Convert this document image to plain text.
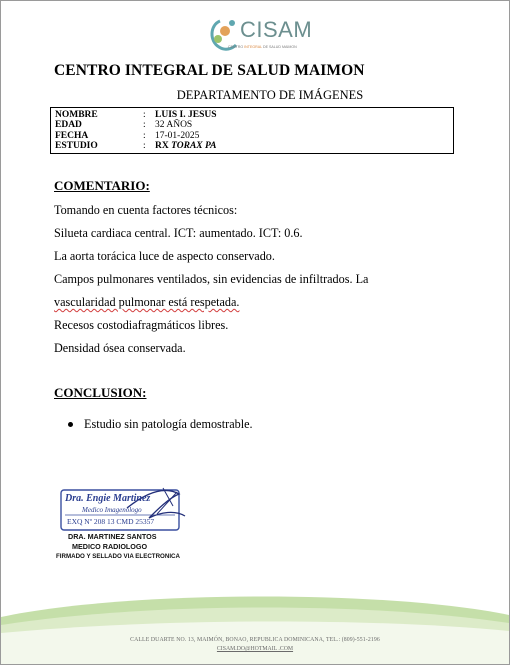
CISAM
CENTRO INTEGRAL DE SALUD MAIMON
CENTRO INTEGRAL DE SALUD MAIMON
DEPARTAMENTO DE IMÁGENES
NOMBRE	: LUIS I. JESUS
EDAD	: 32 AÑOS
FECHA	: 17-01-2025
ESTUDIO	: RX TORAX PA
COMENTARIO:
Tomando en cuenta factores técnicos:
Silueta cardiaca central. ICT: aumentado. ICT: 0.6.
La aorta torácica luce de aspecto conservado.
Campos pulmonares ventilados, sin evidencias de infiltrados. La
vascularidad pulmonar está respetada.
Recesos costodiafragmáticos libres.
Densidad ósea conservada.
CONCLUSION:
Estudio sin patología demostrable.
Dra. Engie Martinez
Medico Imagenologo
EXQ Nº 208 13 CMD 25357
DRA. MARTINEZ SANTOS
MEDICO RADIOLOGO
FIRMADO Y SELLADO VIA ELECTRONICA
CALLE DUARTE NO. 13, MAIMÓN, BONAO, REPUBLICA DOMINICANA, TEL.: (809)-551-2196
CISAM.DO@HOTMAIL .COM
